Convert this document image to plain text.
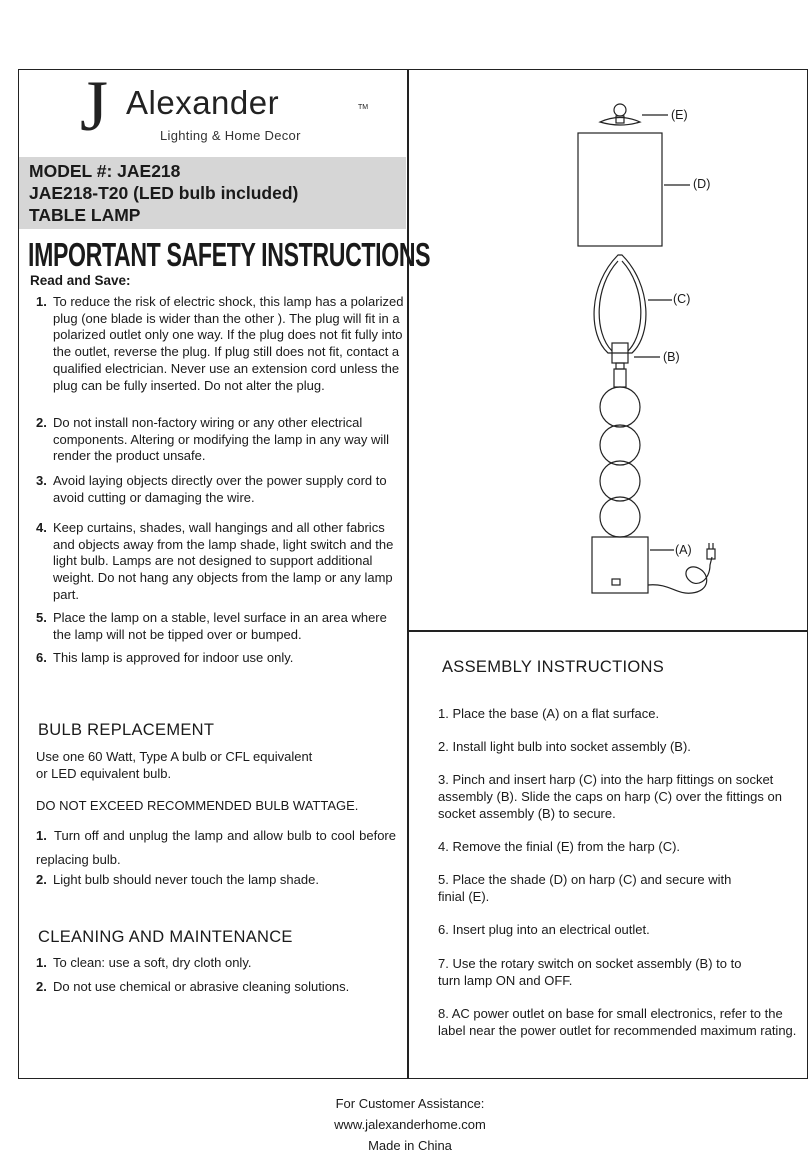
J Alexander	TM
Lighting & Home Decor
MODEL #: JAE218
JAE218-T20 (LED bulb included)
TABLE LAMP
IMPORTANT SAFETY INSTRUCTIONS
Read and Save:
1. To reduce the risk of electric shock, this lamp has a polarized plug (one blade is wider than the other ). The plug will fit in a polarized outlet only one way. If the plug does not fit fully into the outlet, reverse the plug. If plug still does not fit, contact a qualified electrician. Never use an extension cord unless the plug can be fully inserted. Do not alter the plug.
2. Do not install non-factory wiring or any other electrical components. Altering or modifying the lamp in any way will render the product unsafe.
3. Avoid laying objects directly over the power supply cord to avoid cutting or damaging the wire.
4. Keep curtains, shades, wall hangings and all other fabrics and objects away from the lamp shade, light switch and the light bulb. Lamps are not designed to support additional weight. Do not hang any objects from the lamp or any lamp part.
5. Place the lamp on a stable, level surface in an area where the lamp will not be tipped over or bumped.
6. This lamp is approved for indoor use only.
BULB REPLACEMENT
Use one 60 Watt, Type A bulb or CFL equivalent
or LED equivalent bulb.
DO NOT EXCEED RECOMMENDED BULB WATTAGE.
1. Turn off and unplug the lamp and allow bulb to cool before replacing bulb.
2. Light bulb should never touch the lamp shade.
CLEANING AND MAINTENANCE
1. To clean: use a soft, dry cloth only.
2. Do not use chemical or abrasive cleaning solutions.
(E)
(D)
(C)
(B)
(A)
ASSEMBLY INSTRUCTIONS
1. Place the base (A) on a flat surface.
2. Install light bulb into socket assembly (B).
3. Pinch and insert harp (C) into the harp fittings on socket assembly (B). Slide the caps on harp (C) over the fittings on socket assembly (B) to secure.
4. Remove the finial (E) from the harp (C).
5. Place the shade (D) on harp (C) and secure with finial (E).
6. Insert plug into an electrical outlet.
7. Use the rotary switch on socket assembly (B) to to turn lamp ON and OFF.
8. AC power outlet on base for small electronics, refer to the label near the power outlet for recommended maximum rating.
For Customer Assistance:
www.jalexanderhome.com
Made in China
